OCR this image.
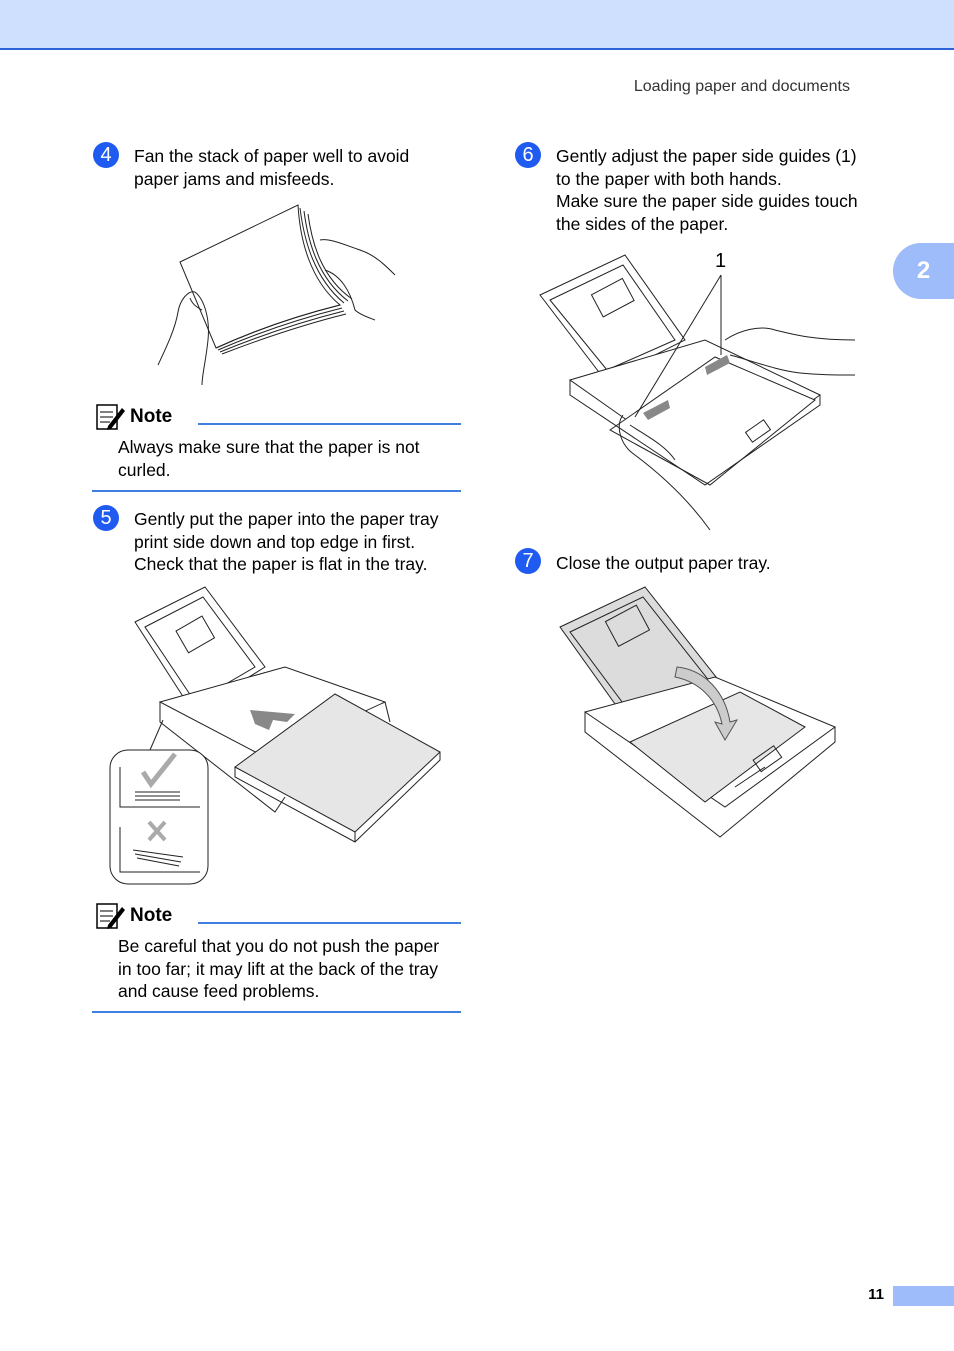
Loading paper and documents
2
4	Fan the stack of paper well to avoid
paper jams and misfeeds.
Note
Always make sure that the paper is not
curled.
5	Gently put the paper into the paper tray
print side down and top edge in first.
Check that the paper is flat in the tray.
Note
Be careful that you do not push the paper
in too far; it may lift at the back of the tray
and cause feed problems.
6	Gently adjust the paper side guides (1)
to the paper with both hands.
Make sure the paper side guides touch
the sides of the paper.
1
7	Close the output paper tray.
11
